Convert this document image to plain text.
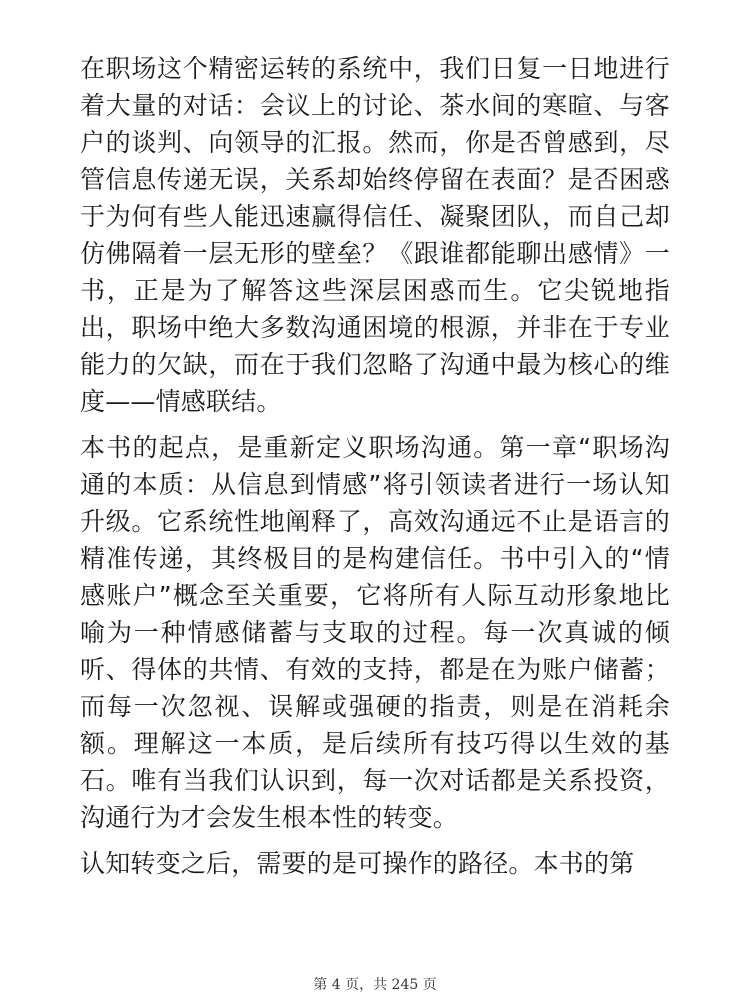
在职场这个精密运转的系统中，我们日复一日地进行着大量的对话：会议上的讨论、茶水间的寒暄、与客户的谈判、向领导的汇报。然而，你是否曾感到，尽管信息传递无误，关系却始终停留在表面？是否困惑于为何有些人能迅速赢得信任、凝聚团队，而自己却仿佛隔着一层无形的壁垒？《跟谁都能聊出感情》一书，正是为了解答这些深层困惑而生。它尖锐地指出，职场中绝大多数沟通困境的根源，并非在于专业能力的欠缺，而在于我们忽略了沟通中最为核心的维度——情感联结。

本书的起点，是重新定义职场沟通。第一章“职场沟通的本质：从信息到情感”将引领读者进行一场认知升级。它系统性地阐释了，高效沟通远不止是语言的精准传递，其终极目的是构建信任。书中引入的“情感账户”概念至关重要，它将所有人际互动形象地比喻为一种情感储蓄与支取的过程。每一次真诚的倾听、得体的共情、有效的支持，都是在为账户储蓄；而每一次忽视、误解或强硬的指责，则是在消耗余额。理解这一本质，是后续所有技巧得以生效的基石。唯有当我们认识到，每一次对话都是关系投资，沟通行为才会发生根本性的转变。

认知转变之后，需要的是可操作的路径。本书的第

第 4 页，共 245 页
